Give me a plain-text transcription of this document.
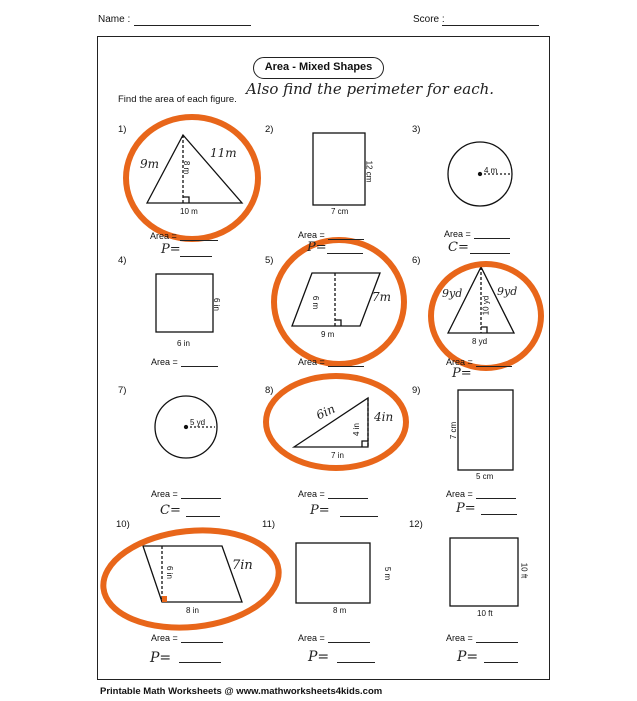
Name :	Score :
Area - Mixed Shapes
Find the area of each figure.
Also find the perimeter for each.
1)	2)	3)
4)	5)	6)
7)	8)	9)
10)	11)	12)
9m
11m
8 m
10 m
12 cm
7 cm
4 m
6 in
6 in
6 m	7m
9 m
9yd	9yd
10 yd
8 yd
5 yd
6in	4in
4 in
7 in
7 cm
5 cm
7in
6 in
8 in
5 m
8 m
10 ft
10 ft
Area =
P=
Area =
P=
Area =
C=
Area =	Area =	Area =
P=
Area =
C=
Area =
P=
Area =
P=
Area =
P=
Area =
P=
Area =
P=
Printable Math Worksheets @ www.mathworksheets4kids.com
